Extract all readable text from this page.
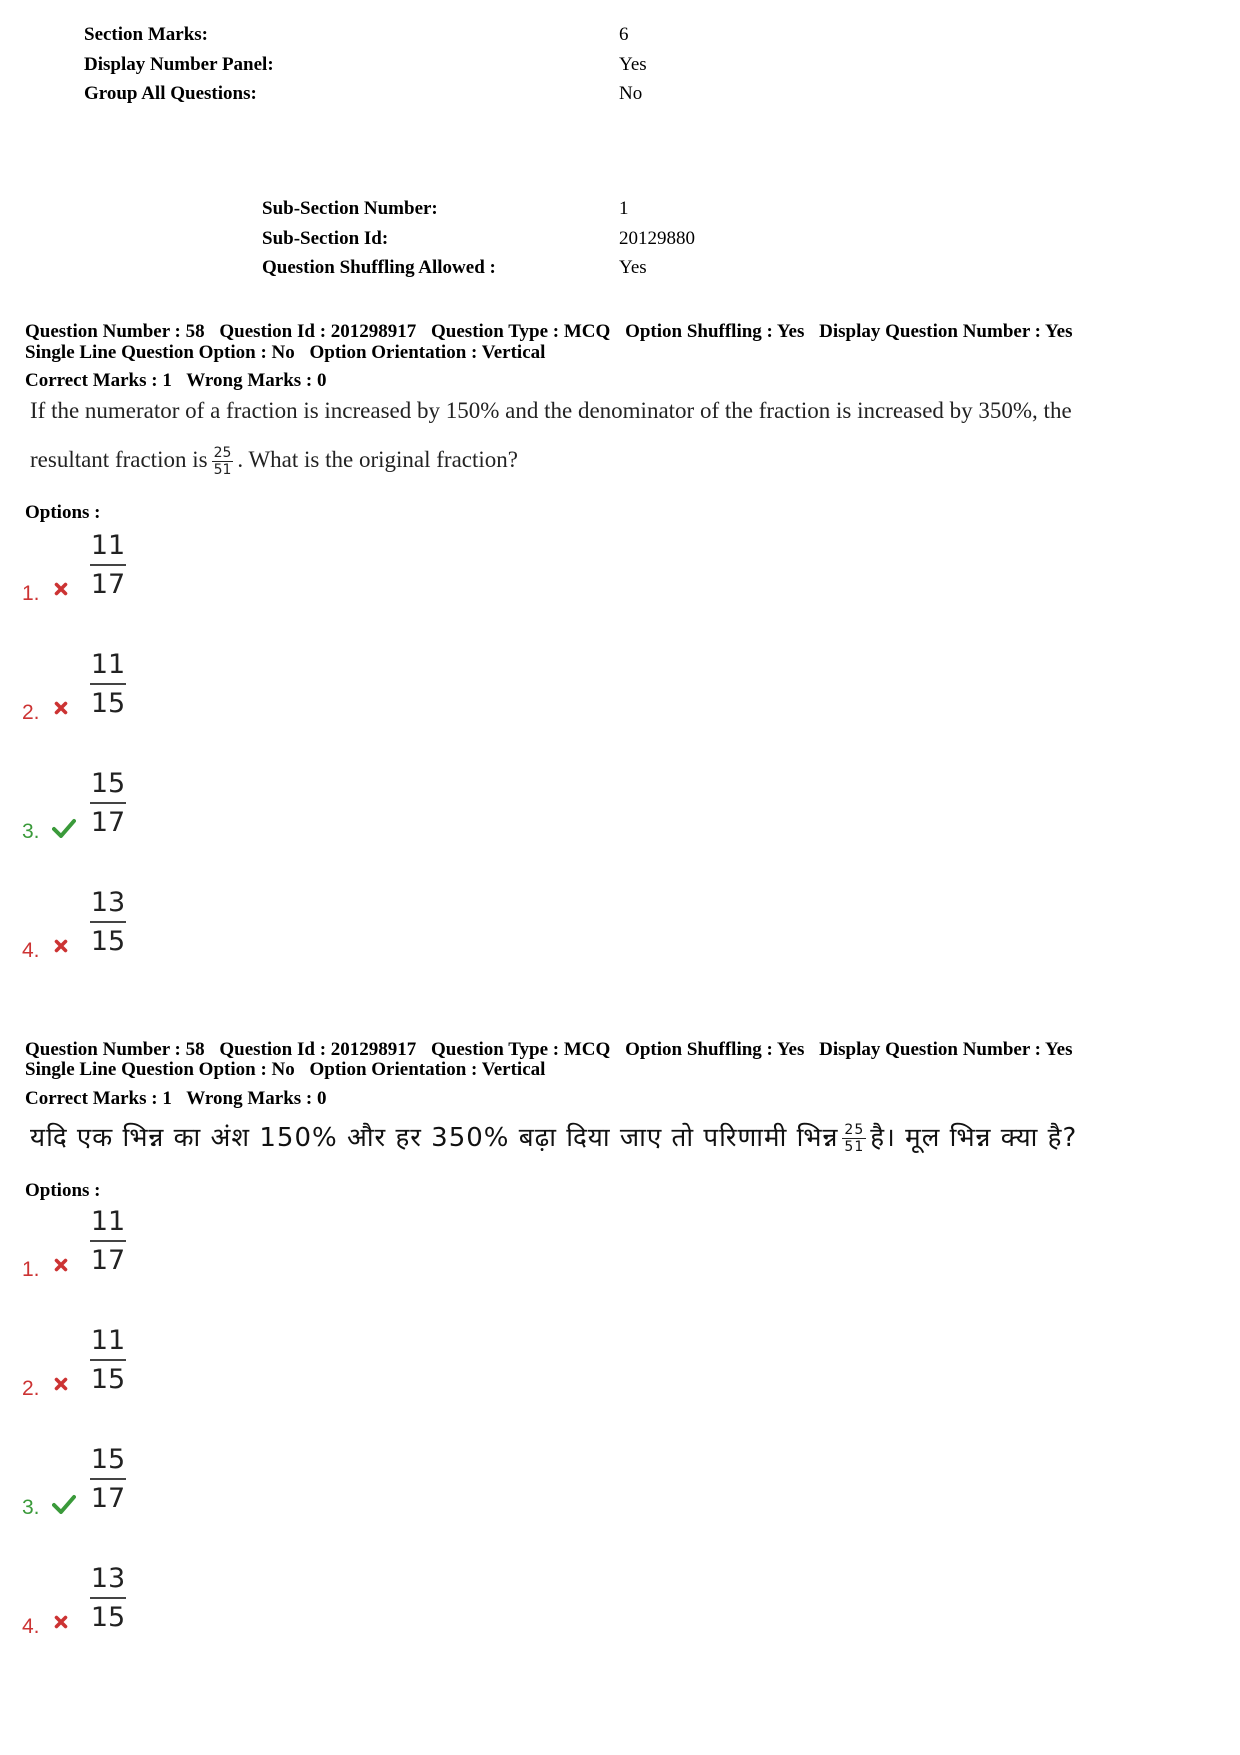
Section Marks:	6
Display Number Panel:	Yes
Group All Questions:	No
Sub-Section Number:	1
Sub-Section Id:	20129880
Question Shuffling Allowed :	Yes
Question Number : 58 Question Id : 201298917 Question Type : MCQ Option Shuffling : Yes Display Question Number : Yes
Single Line Question Option : No Option Orientation : Vertical
Correct Marks : 1 Wrong Marks : 0
If the numerator of a fraction is increased by 150% and the denominator of the fraction is increased by 350%, the
resultant fraction is $\frac{25}{51}$ . What is the original fraction?
Options :
1. $\frac{11}{17}$
2. $\frac{11}{15}$
3. $\frac{15}{17}$
4. $\frac{13}{15}$
Question Number : 58 Question Id : 201298917 Question Type : MCQ Option Shuffling : Yes Display Question Number : Yes
Single Line Question Option : No Option Orientation : Vertical
Correct Marks : 1 Wrong Marks : 0
यदि एक भिन्न का अंश 150% और हर 350% बढ़ा दिया जाए तो परिणामी भिन्न $\frac{25}{51}$ है। मूल भिन्न क्या है?
Options :
1. $\frac{11}{17}$
2. $\frac{11}{15}$
3. $\frac{15}{17}$
4. $\frac{13}{15}$
